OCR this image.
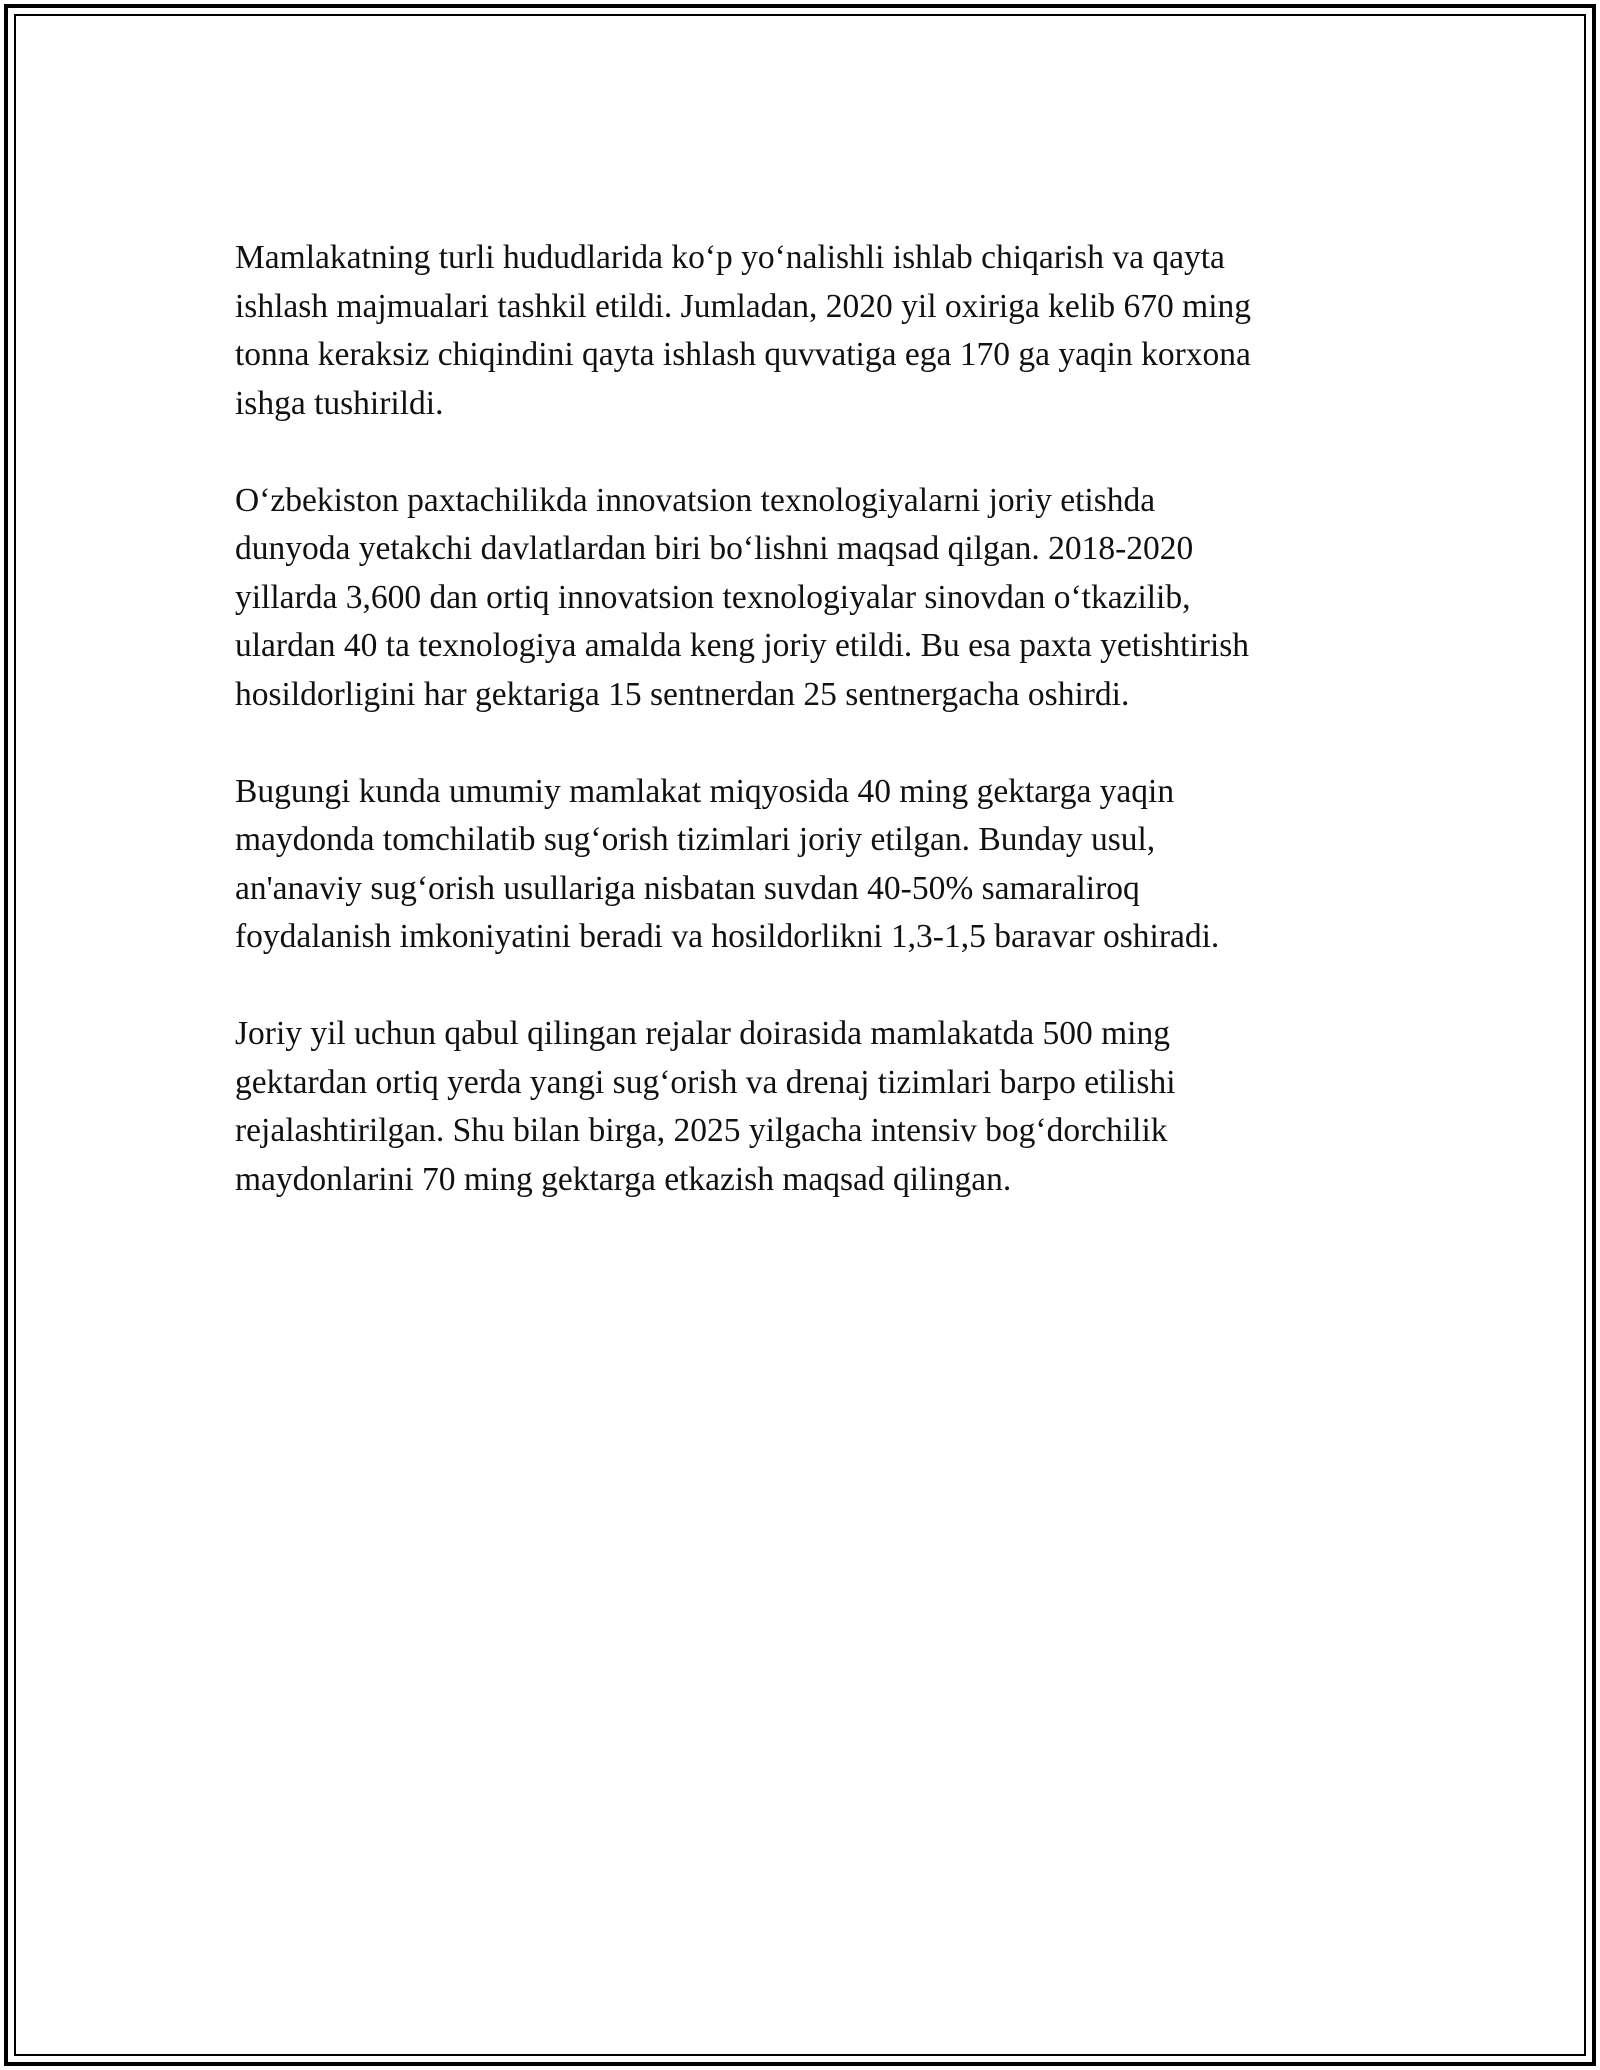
Mamlakatning turli hududlarida ko‘p yo‘nalishli ishlab chiqarish va qayta
ishlash majmualari tashkil etildi. Jumladan, 2020 yil oxiriga kelib 670 ming
tonna keraksiz chiqindini qayta ishlash quvvatiga ega 170 ga yaqin korxona
ishga tushirildi.

O‘zbekiston paxtachilikda innovatsion texnologiyalarni joriy etishda
dunyoda yetakchi davlatlardan biri bo‘lishni maqsad qilgan. 2018-2020
yillarda 3,600 dan ortiq innovatsion texnologiyalar sinovdan o‘tkazilib,
ulardan 40 ta texnologiya amalda keng joriy etildi. Bu esa paxta yetishtirish
hosildorligini har gektariga 15 sentnerdan 25 sentnergacha oshirdi.

Bugungi kunda umumiy mamlakat miqyosida 40 ming gektarga yaqin
maydonda tomchilatib sug‘orish tizimlari joriy etilgan. Bunday usul,
an'anaviy sug‘orish usullariga nisbatan suvdan 40-50% samaraliroq
foydalanish imkoniyatini beradi va hosildorlikni 1,3-1,5 baravar oshiradi.

Joriy yil uchun qabul qilingan rejalar doirasida mamlakatda 500 ming
gektardan ortiq yerda yangi sug‘orish va drenaj tizimlari barpo etilishi
rejalashtirilgan. Shu bilan birga, 2025 yilgacha intensiv bog‘dorchilik
maydonlarini 70 ming gektarga etkazish maqsad qilingan.
